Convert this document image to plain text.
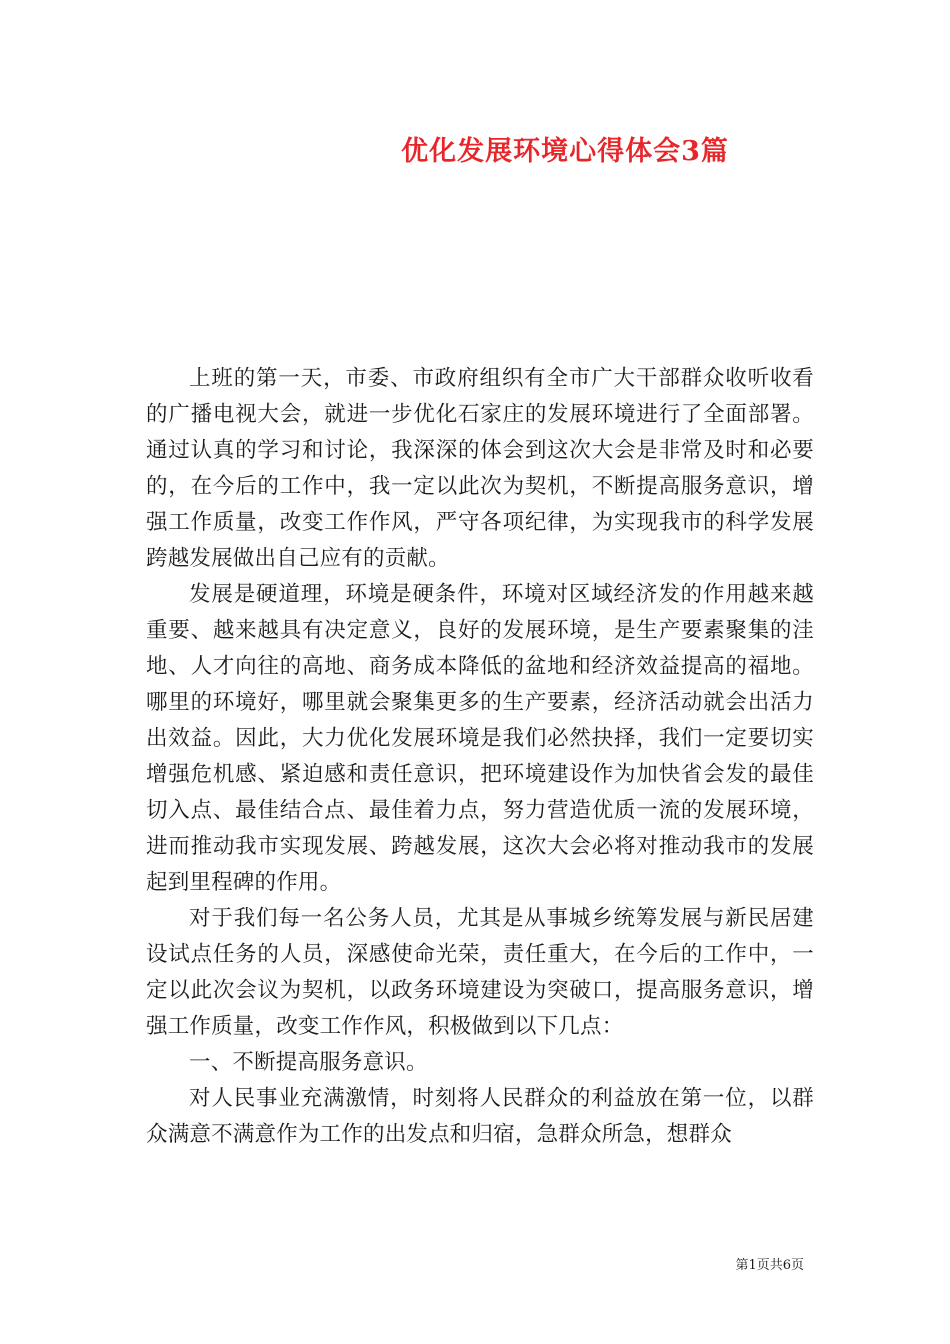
优化发展环境心得体会3篇

上班的第一天，市委、市政府组织有全市广大干部群众收听收看的广播电视大会，就进一步优化石家庄的发展环境进行了全面部署。通过认真的学习和讨论，我深深的体会到这次大会是非常及时和必要的，在今后的工作中，我一定以此次为契机，不断提高服务意识，增强工作质量，改变工作作风，严守各项纪律，为实现我市的科学发展跨越发展做出自己应有的贡献。

发展是硬道理，环境是硬条件，环境对区域经济发的作用越来越重要、越来越具有决定意义，良好的发展环境，是生产要素聚集的洼地、人才向往的高地、商务成本降低的盆地和经济效益提高的福地。哪里的环境好，哪里就会聚集更多的生产要素，经济活动就会出活力出效益。因此，大力优化发展环境是我们必然抉择，我们一定要切实增强危机感、紧迫感和责任意识，把环境建设作为加快省会发的最佳切入点、最佳结合点、最佳着力点，努力营造优质一流的发展环境，进而推动我市实现发展、跨越发展，这次大会必将对推动我市的发展起到里程碑的作用。

对于我们每一名公务人员，尤其是从事城乡统筹发展与新民居建设试点任务的人员，深感使命光荣，责任重大，在今后的工作中，一定以此次会议为契机，以政务环境建设为突破口，提高服务意识，增强工作质量，改变工作作风，积极做到以下几点：

一、不断提高服务意识。

对人民事业充满激情，时刻将人民群众的利益放在第一位，以群众满意不满意作为工作的出发点和归宿，急群众所急，想群众

第1页共6页
